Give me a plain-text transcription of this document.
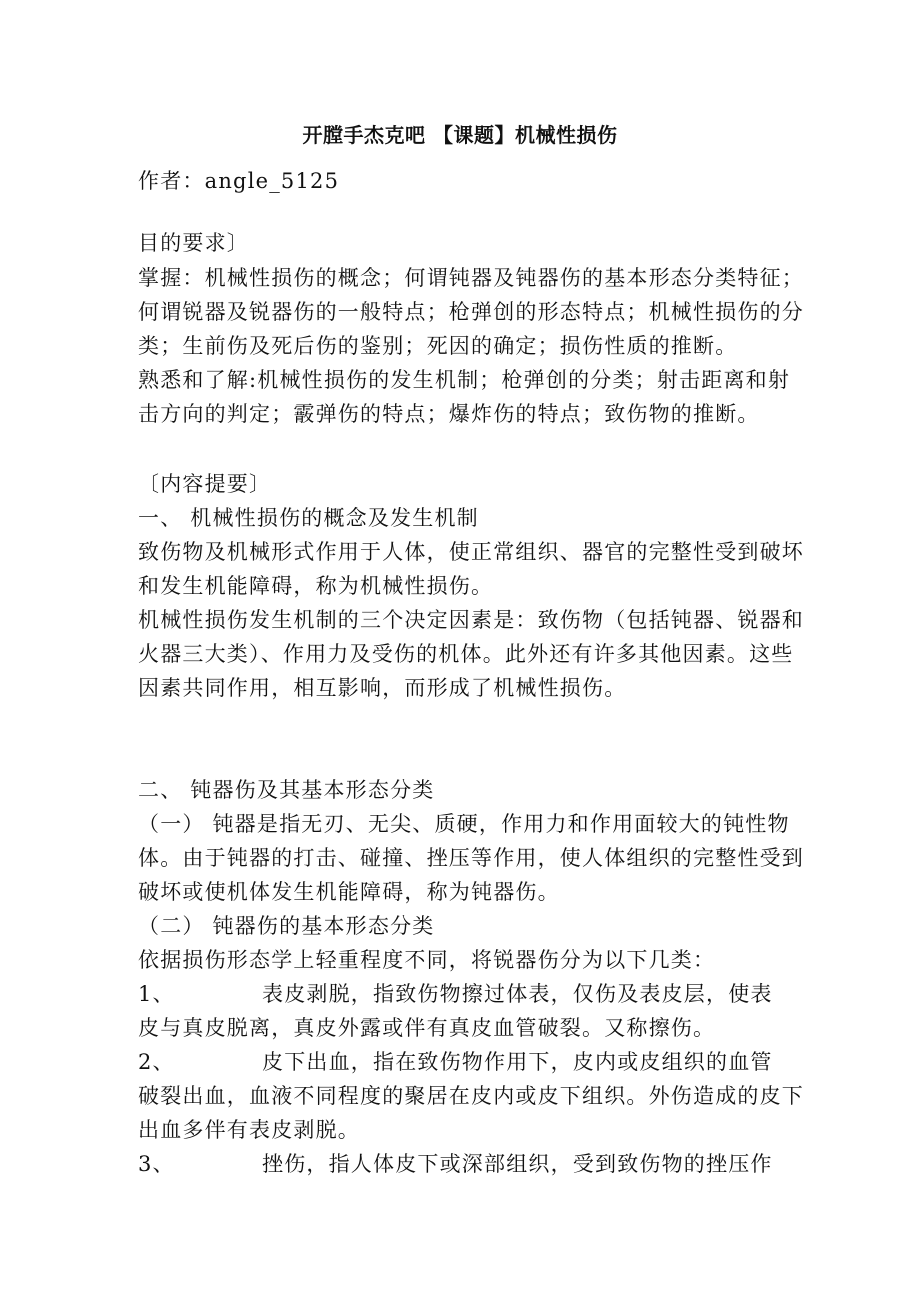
开膛手杰克吧 【课题】机械性损伤
作者：angle_5125
目的要求〕
掌握：机械性损伤的概念；何谓钝器及钝器伤的基本形态分类特征；
何谓锐器及锐器伤的一般特点；枪弹创的形态特点；机械性损伤的分
类；生前伤及死后伤的鉴别；死因的确定；损伤性质的推断。
熟悉和了解:机械性损伤的发生机制；枪弹创的分类；射击距离和射
击方向的判定；霰弹伤的特点；爆炸伤的特点；致伤物的推断。
〔内容提要〕
一、 机械性损伤的概念及发生机制
致伤物及机械形式作用于人体，使正常组织、器官的完整性受到破坏
和发生机能障碍，称为机械性损伤。
机械性损伤发生机制的三个决定因素是：致伤物（包括钝器、锐器和
火器三大类）、作用力及受伤的机体。此外还有许多其他因素。这些
因素共同作用，相互影响，而形成了机械性损伤。
二、 钝器伤及其基本形态分类
（一） 钝器是指无刃、无尖、质硬，作用力和作用面较大的钝性物
体。由于钝器的打击、碰撞、挫压等作用，使人体组织的完整性受到
破坏或使机体发生机能障碍，称为钝器伤。
（二） 钝器伤的基本形态分类
依据损伤形态学上轻重程度不同，将锐器伤分为以下几类：
1、	表皮剥脱，指致伤物擦过体表，仅伤及表皮层，使表
皮与真皮脱离，真皮外露或伴有真皮血管破裂。又称擦伤。
2、	皮下出血，指在致伤物作用下，皮内或皮组织的血管
破裂出血，血液不同程度的聚居在皮内或皮下组织。外伤造成的皮下
出血多伴有表皮剥脱。
3、	挫伤，指人体皮下或深部组织，受到致伤物的挫压作
